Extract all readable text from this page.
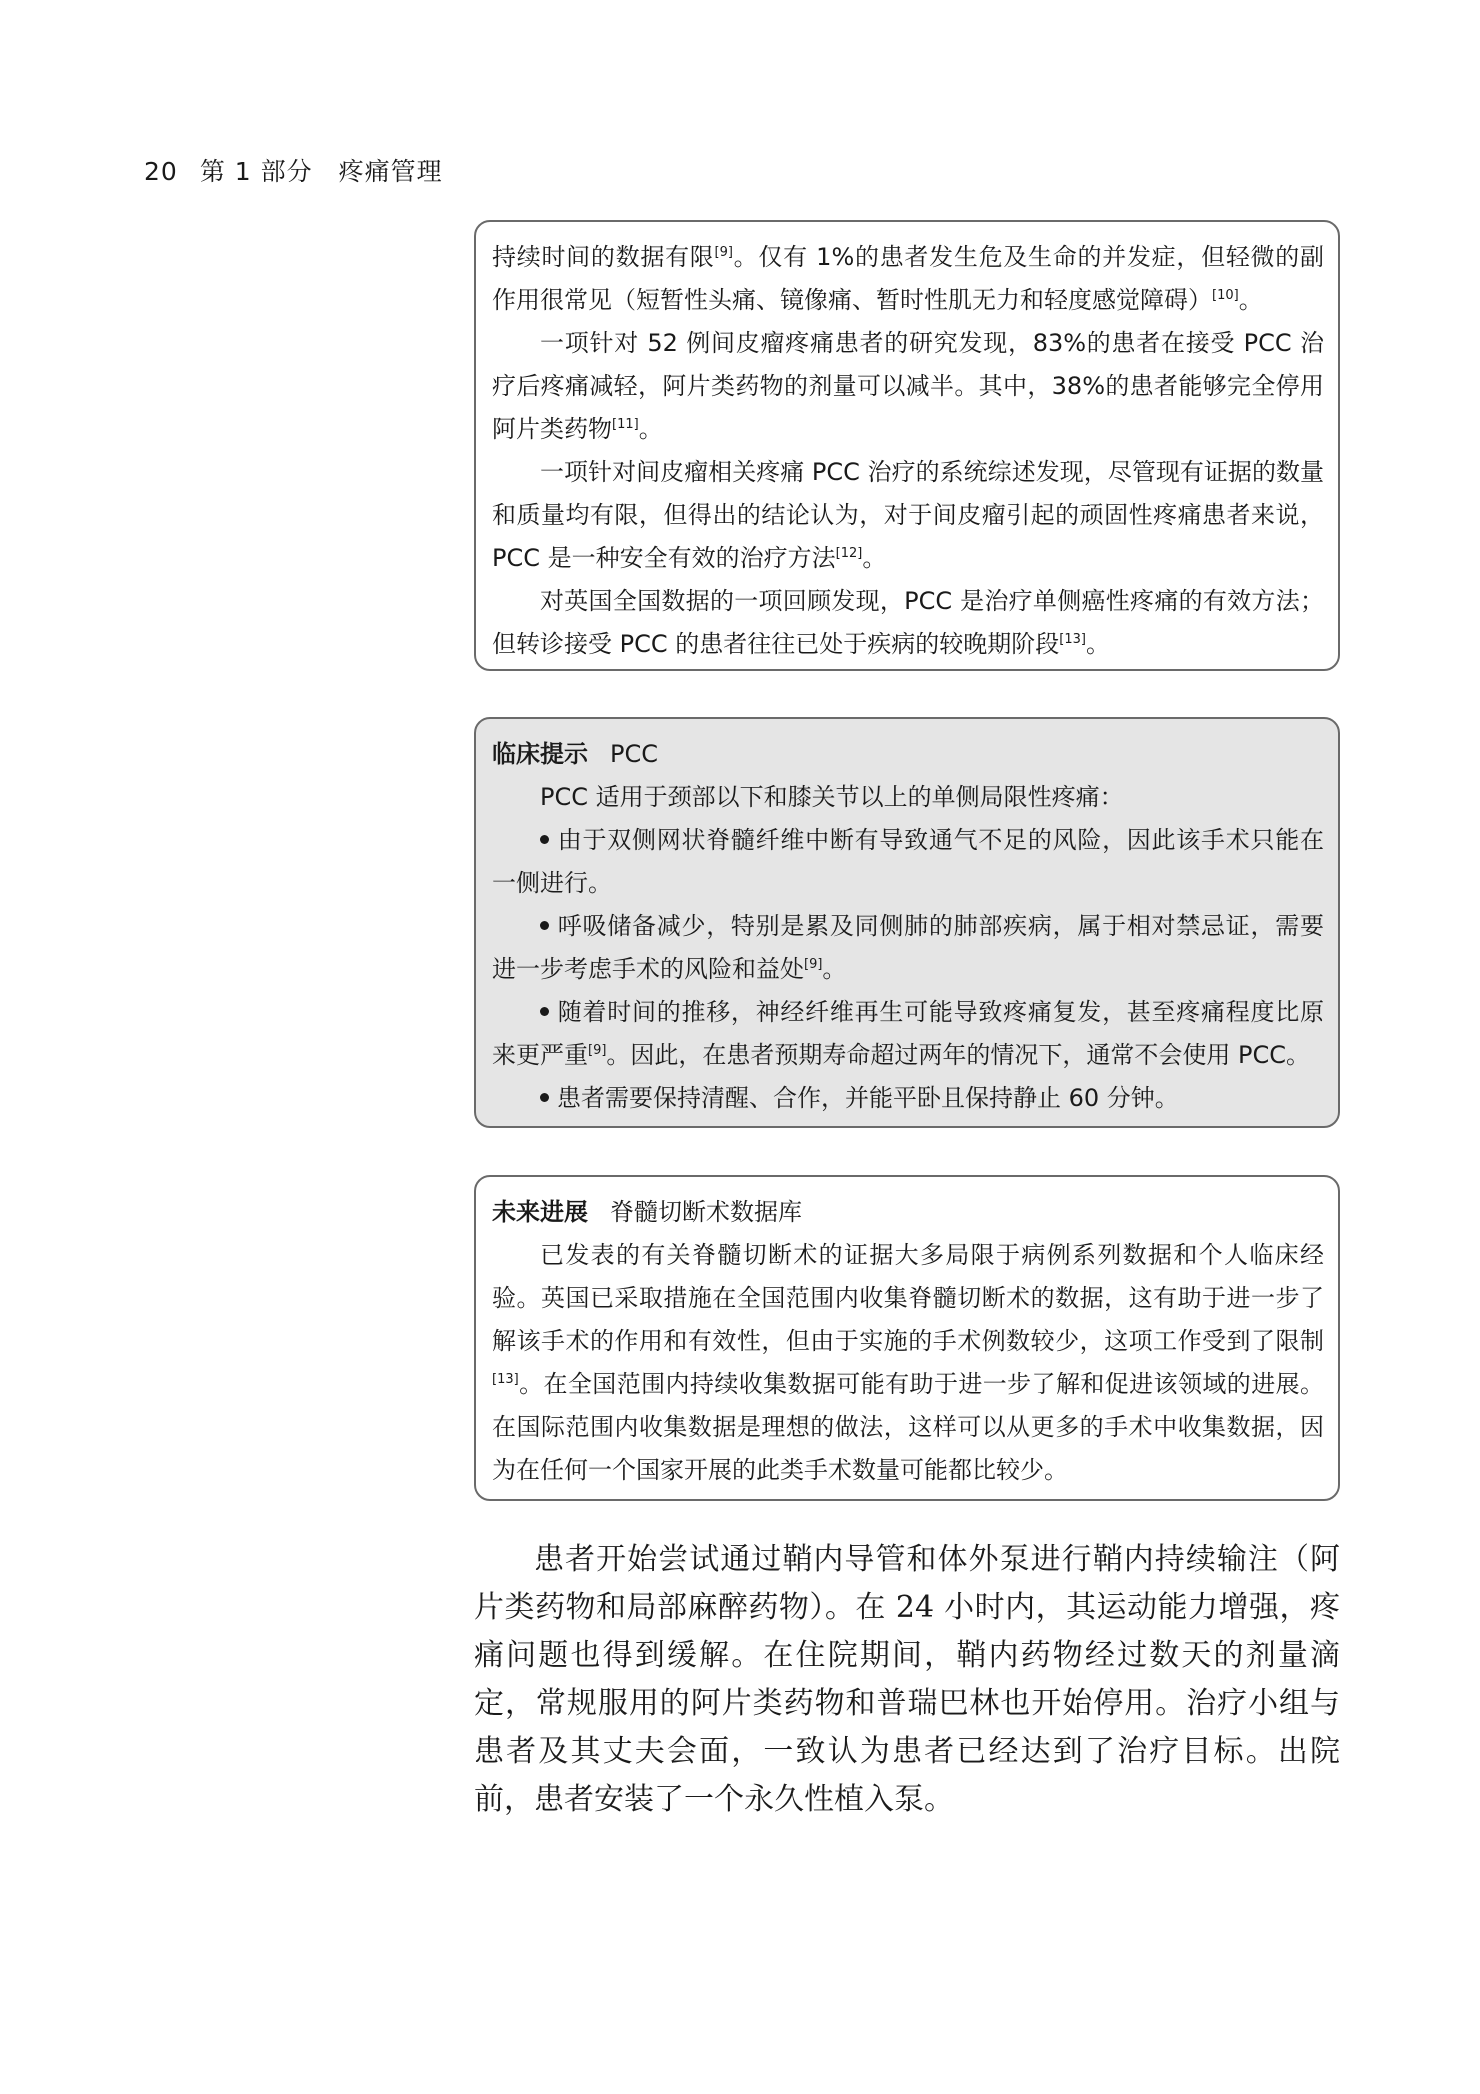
20 第 1 部分 疼痛管理

持续时间的数据有限[9]。仅有 1%的患者发生危及生命的并发症，但轻微的副作用很常见（短暂性头痛、镜像痛、暂时性肌无力和轻度感觉障碍）[10]。

一项针对 52 例间皮瘤疼痛患者的研究发现，83%的患者在接受 PCC 治疗后疼痛减轻，阿片类药物的剂量可以减半。其中，38%的患者能够完全停用阿片类药物[11]。

一项针对间皮瘤相关疼痛 PCC 治疗的系统综述发现，尽管现有证据的数量和质量均有限，但得出的结论认为，对于间皮瘤引起的顽固性疼痛患者来说，PCC 是一种安全有效的治疗方法[12]。

对英国全国数据的一项回顾发现，PCC 是治疗单侧癌性疼痛的有效方法；但转诊接受 PCC 的患者往往已处于疾病的较晚期阶段[13]。

临床提示 PCC

PCC 适用于颈部以下和膝关节以上的单侧局限性疼痛：

由于双侧网状脊髓纤维中断有导致通气不足的风险，因此该手术只能在一侧进行。

呼吸储备减少，特别是累及同侧肺的肺部疾病，属于相对禁忌证，需要进一步考虑手术的风险和益处[9]。

随着时间的推移，神经纤维再生可能导致疼痛复发，甚至疼痛程度比原来更严重[9]。因此，在患者预期寿命超过两年的情况下，通常不会使用 PCC。

患者需要保持清醒、合作，并能平卧且保持静止 60 分钟。

未来进展 脊髓切断术数据库

已发表的有关脊髓切断术的证据大多局限于病例系列数据和个人临床经验。英国已采取措施在全国范围内收集脊髓切断术的数据，这有助于进一步了解该手术的作用和有效性，但由于实施的手术例数较少，这项工作受到了限制[13]。在全国范围内持续收集数据可能有助于进一步了解和促进该领域的进展。在国际范围内收集数据是理想的做法，这样可以从更多的手术中收集数据，因为在任何一个国家开展的此类手术数量可能都比较少。

患者开始尝试通过鞘内导管和体外泵进行鞘内持续输注（阿片类药物和局部麻醉药物）。在 24 小时内，其运动能力增强，疼痛问题也得到缓解。在住院期间，鞘内药物经过数天的剂量滴定，常规服用的阿片类药物和普瑞巴林也开始停用。治疗小组与患者及其丈夫会面，一致认为患者已经达到了治疗目标。出院前，患者安装了一个永久性植入泵。
